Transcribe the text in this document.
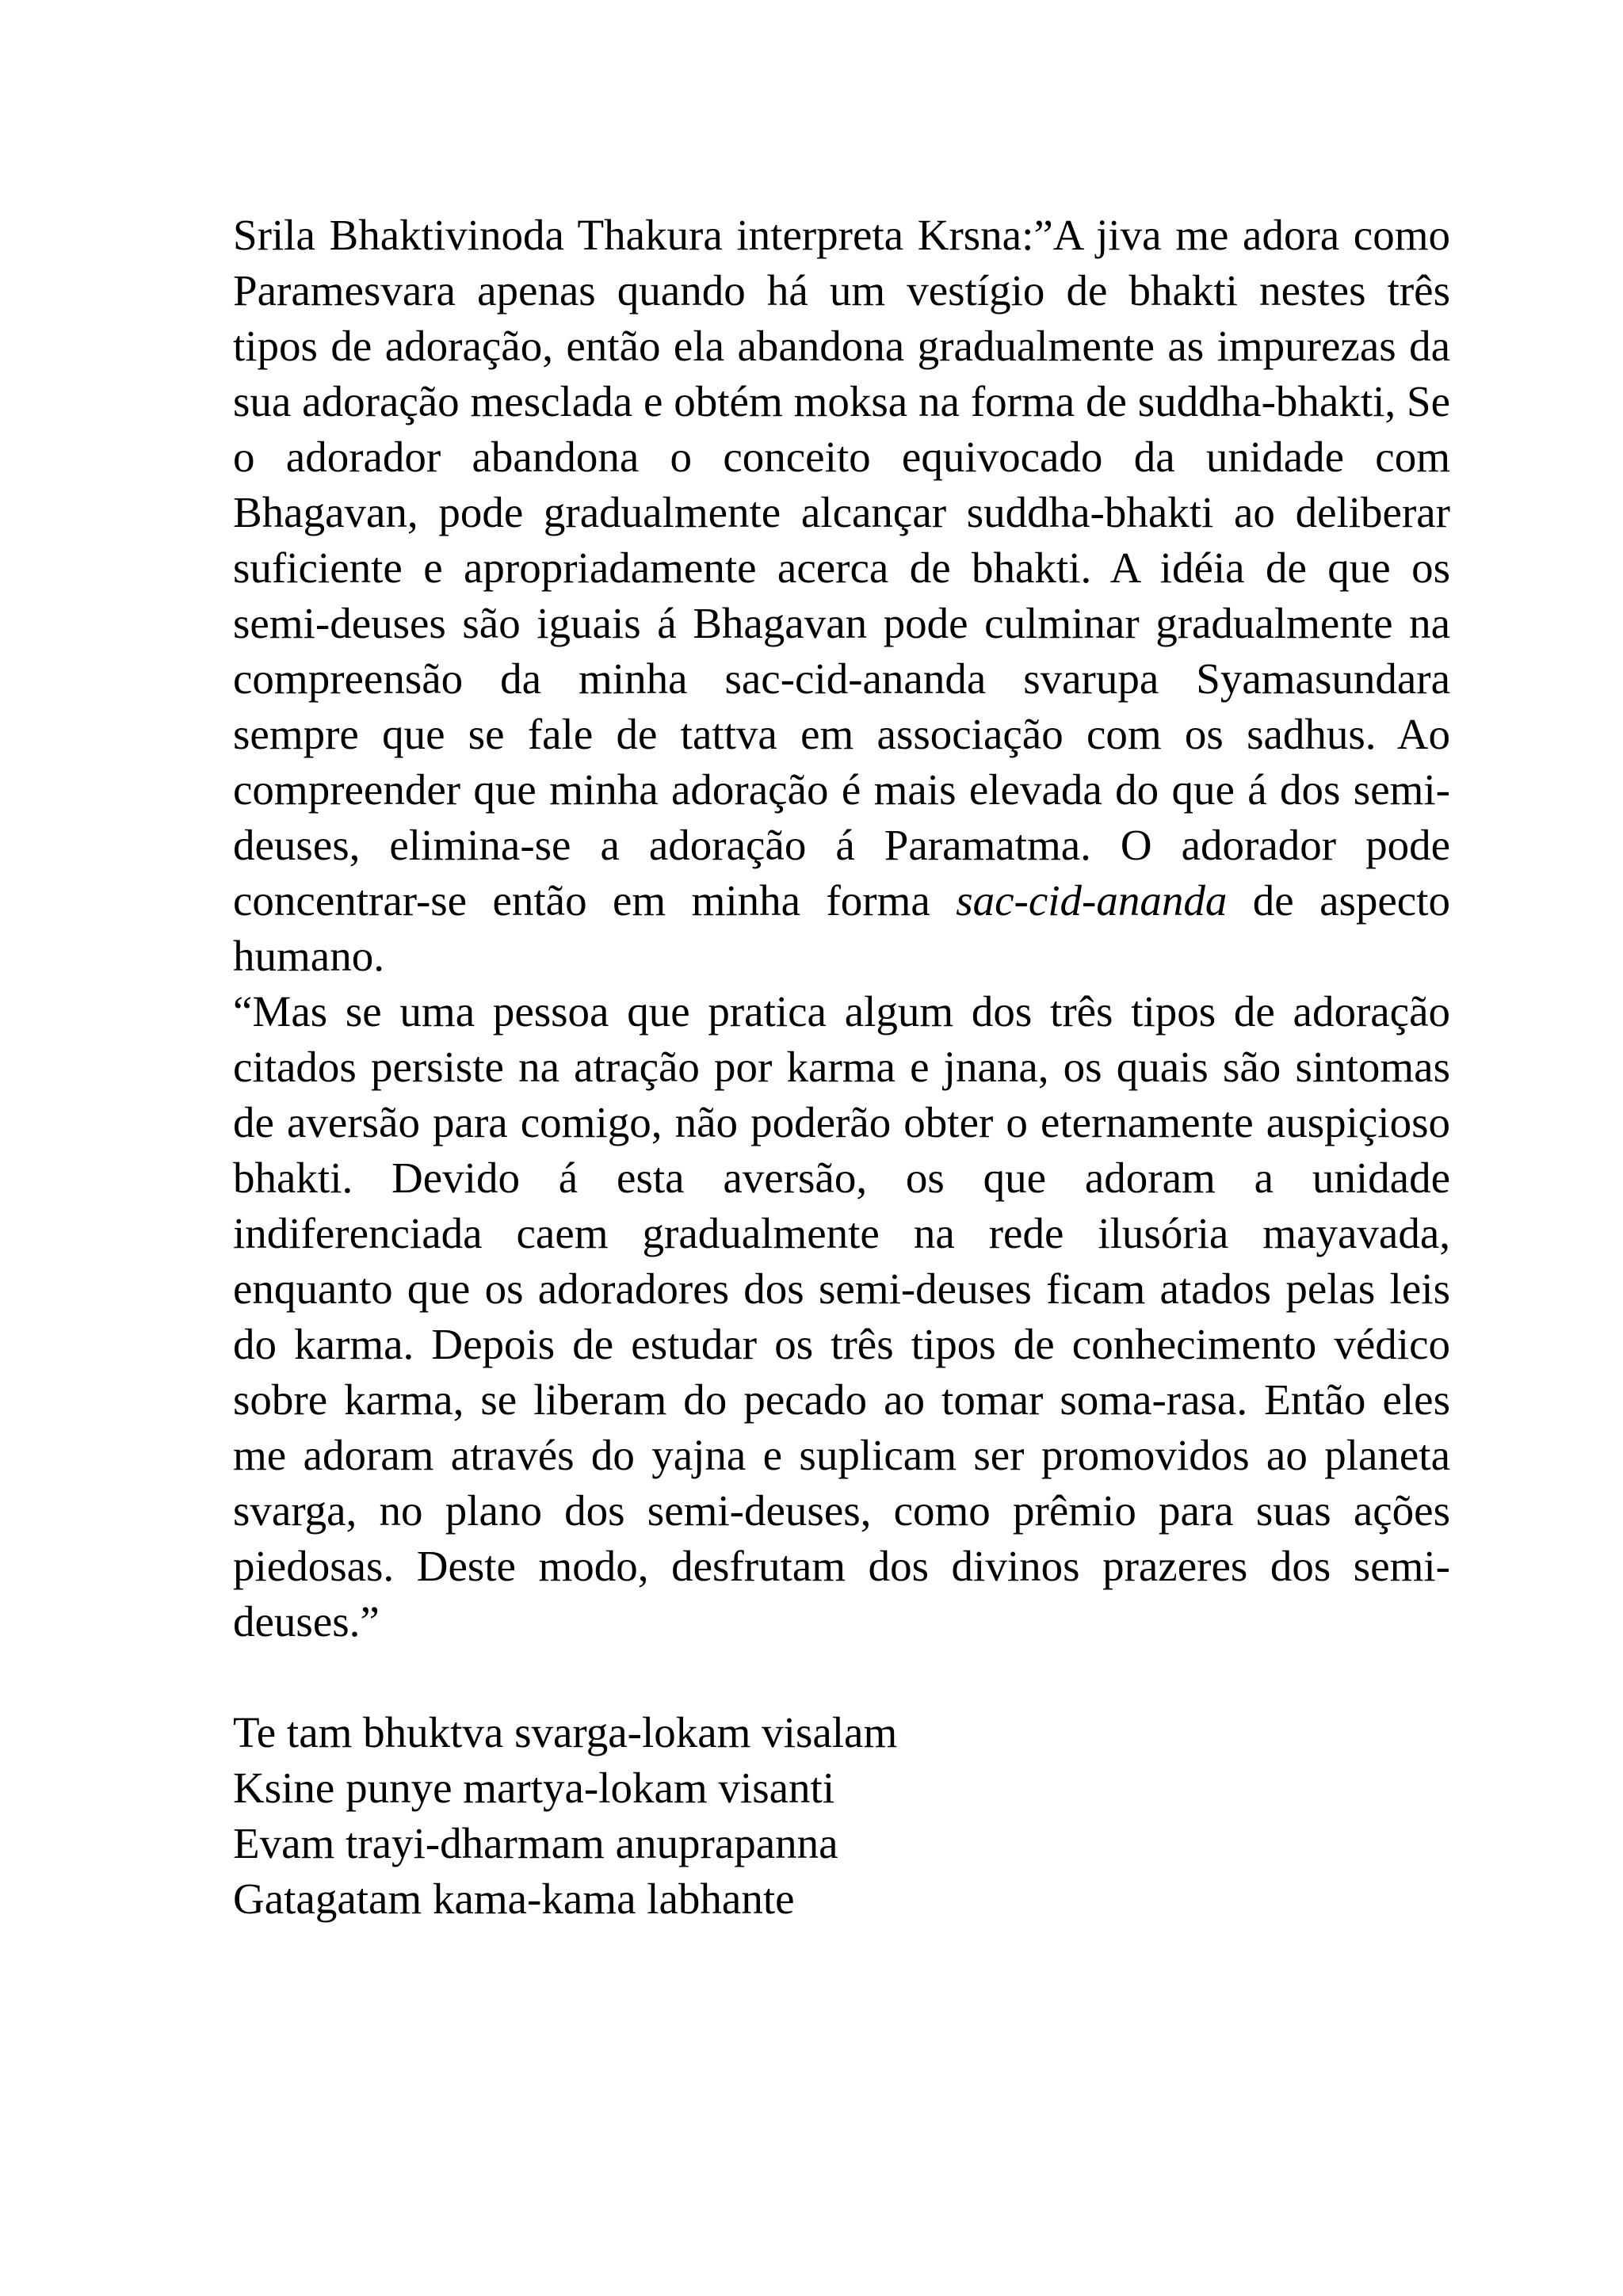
Srila Bhaktivinoda Thakura interpreta Krsna:”A jiva me adora como Paramesvara apenas quando há um vestígio de bhakti nestes três tipos de adoração, então ela abandona gradualmente as impurezas da sua adoração mesclada e obtém moksa na forma de suddha-bhakti, Se o adorador abandona o conceito equivocado da unidade com Bhagavan, pode gradualmente alcançar suddha-bhakti ao deliberar suficiente e apropriadamente acerca de bhakti. A idéia de que os semi-deuses são iguais á Bhagavan pode culminar gradualmente na compreensão da minha sac-cid-ananda svarupa Syamasundara sempre que se fale de tattva em associação com os sadhus. Ao compreender que minha adoração é mais elevada do que á dos semi-deuses, elimina-se a adoração á Paramatma. O adorador pode concentrar-se então em minha forma sac-cid-ananda de aspecto humano.

“Mas se uma pessoa que pratica algum dos três tipos de adoração citados persiste na atração por karma e jnana, os quais são sintomas de aversão para comigo, não poderão obter o eternamente auspiçioso bhakti. Devido á esta aversão, os que adoram a unidade indiferenciada caem gradualmente na rede ilusória mayavada, enquanto que os adoradores dos semi-deuses ficam atados pelas leis do karma. Depois de estudar os três tipos de conhecimento védico sobre karma, se liberam do pecado ao tomar soma-rasa. Então eles me adoram através do yajna e suplicam ser promovidos ao planeta svarga, no plano dos semi-deuses, como prêmio para suas ações piedosas. Deste modo, desfrutam dos divinos prazeres dos semi-deuses.”

Te tam bhuktva svarga-lokam visalam
Ksine punye martya-lokam visanti
Evam trayi-dharmam anuprapanna
Gatagatam kama-kama labhante
